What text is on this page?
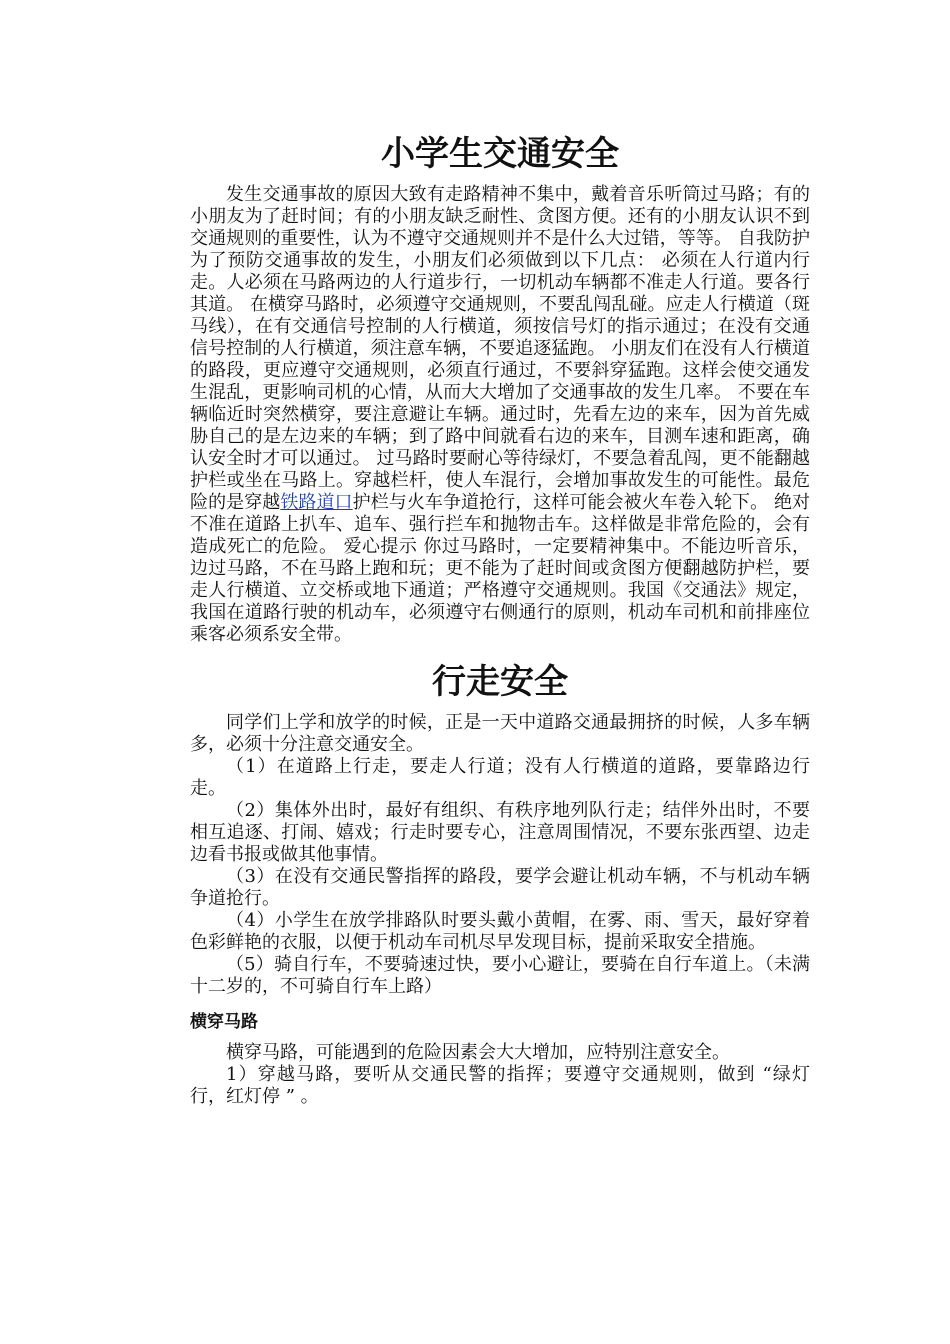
小学生交通安全

发生交通事故的原因大致有走路精神不集中，戴着音乐听筒过马路；有的小朋友为了赶时间；有的小朋友缺乏耐性、贪图方便。还有的小朋友认识不到交通规则的重要性，认为不遵守交通规则并不是什么大过错，等等。 自我防护 为了预防交通事故的发生，小朋友们必须做到以下几点： 必须在人行道内行走。人必须在马路两边的人行道步行，一切机动车辆都不准走人行道。要各行其道。 在横穿马路时，必须遵守交通规则，不要乱闯乱碰。应走人行横道（斑马线），在有交通信号控制的人行横道，须按信号灯的指示通过；在没有交通信号控制的人行横道，须注意车辆，不要追逐猛跑。 小朋友们在没有人行横道的路段，更应遵守交通规则，必须直行通过，不要斜穿猛跑。这样会使交通发生混乱，更影响司机的心情，从而大大增加了交通事故的发生几率。 不要在车辆临近时突然横穿，要注意避让车辆。通过时，先看左边的来车，因为首先威胁自己的是左边来的车辆；到了路中间就看右边的来车，目测车速和距离，确认安全时才可以通过。 过马路时要耐心等待绿灯，不要急着乱闯，更不能翻越护栏或坐在马路上。穿越栏杆，使人车混行，会增加事故发生的可能性。最危险的是穿越铁路道口护栏与火车争道抢行，这样可能会被火车卷入轮下。 绝对不准在道路上扒车、追车、强行拦车和抛物击车。这样做是非常危险的，会有造成死亡的危险。 爱心提示 你过马路时，一定要精神集中。不能边听音乐，边过马路，不在马路上跑和玩；更不能为了赶时间或贪图方便翻越防护栏，要走人行横道、立交桥或地下通道；严格遵守交通规则。我国《交通法》规定，我国在道路行驶的机动车，必须遵守右侧通行的原则，机动车司机和前排座位乘客必须系安全带。

行走安全

同学们上学和放学的时候，正是一天中道路交通最拥挤的时候，人多车辆多，必须十分注意交通安全。

（1）在道路上行走，要走人行道；没有人行横道的道路，要靠路边行走。

（2）集体外出时，最好有组织、有秩序地列队行走；结伴外出时，不要相互追逐、打闹、嬉戏；行走时要专心，注意周围情况，不要东张西望、边走边看书报或做其他事情。

（3）在没有交通民警指挥的路段，要学会避让机动车辆，不与机动车辆争道抢行。

（4）小学生在放学排路队时要头戴小黄帽，在雾、雨、雪天，最好穿着色彩鲜艳的衣服，以便于机动车司机尽早发现目标，提前采取安全措施。

（5）骑自行车，不要骑速过快，要小心避让，要骑在自行车道上。（未满十二岁的，不可骑自行车上路）

横穿马路

横穿马路，可能遇到的危险因素会大大增加，应特别注意安全。

1）穿越马路，要听从交通民警的指挥；要遵守交通规则，做到 “绿灯行，红灯停 ” 。
